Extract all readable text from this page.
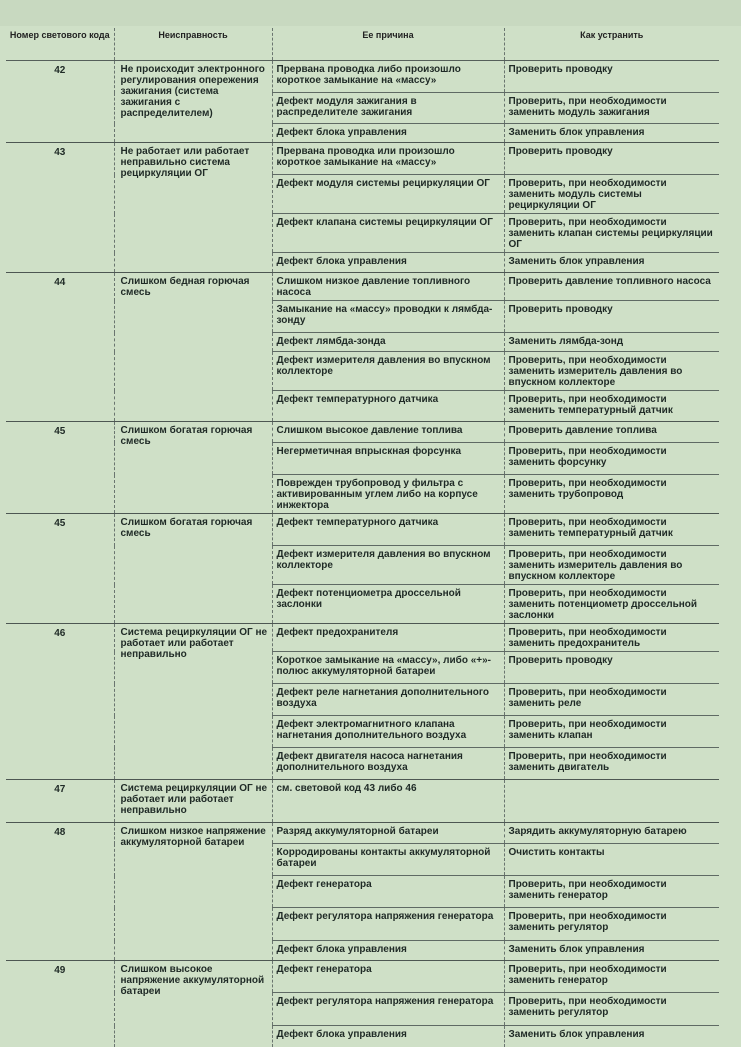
Номер светового кода	Неисправность	Ее причина	Как устранить
42	Не происходит электронного регулирования опережения зажигания (система зажигания с распределителем)	Прервана проводка либо произошло короткое замыкание на «массу»	Проверить проводку
		Дефект модуля зажигания в распределителе зажигания	Проверить, при необходимости заменить модуль зажигания
		Дефект блока управления	Заменить блок управления
43	Не работает или работает неправильно система рециркуляции ОГ	Прервана проводка или произошло короткое замыкание на «массу»	Проверить проводку
		Дефект модуля системы рециркуляции ОГ	Проверить, при необходимости заменить модуль системы рециркуляции ОГ
		Дефект клапана системы рециркуляции ОГ	Проверить, при необходимости заменить клапан системы рециркуляции ОГ
		Дефект блока управления	Заменить блок управления
44	Слишком бедная горючая смесь	Слишком низкое давление топливного насоса	Проверить давление топливного насоса
		Замыкание на «массу» проводки к лямбда-зонду	Проверить проводку
		Дефект лямбда-зонда	Заменить лямбда-зонд
		Дефект измерителя давления во впускном коллекторе	Проверить, при необходимости заменить измеритель давления во впускном коллекторе
		Дефект температурного датчика	Проверить, при необходимости заменить температурный датчик
45	Слишком богатая горючая смесь	Слишком высокое давление топлива	Проверить давление топлива
		Негерметичная впрыскная форсунка	Проверить, при необходимости заменить форсунку
		Поврежден трубопровод у фильтра с активированным углем либо на корпусе инжектора	Проверить, при необходимости заменить трубопровод
45	Слишком богатая горючая смесь	Дефект температурного датчика	Проверить, при необходимости заменить температурный датчик
		Дефект измерителя давления во впускном коллекторе	Проверить, при необходимости заменить измеритель давления во впускном коллекторе
		Дефект потенциометра дроссельной заслонки	Проверить, при необходимости заменить потенциометр дроссельной заслонки
46	Система рециркуляции ОГ не работает или работает неправильно	Дефект предохранителя	Проверить, при необходимости заменить предохранитель
		Короткое замыкание на «массу», либо «+»-полюс аккумуляторной батареи	Проверить проводку
		Дефект реле нагнетания дополнительного воздуха	Проверить, при необходимости заменить реле
		Дефект электромагнитного клапана нагнетания дополнительного воздуха	Проверить, при необходимости заменить клапан
		Дефект двигателя насоса нагнетания дополнительного воздуха	Проверить, при необходимости заменить двигатель
47	Система рециркуляции ОГ не работает или работает неправильно	см. световой код 43 либо 46	
48	Слишком низкое напряжение аккумуляторной батареи	Разряд аккумуляторной батареи	Зарядить аккумуляторную батарею
		Корродированы контакты аккумуляторной батареи	Очистить контакты
		Дефект генератора	Проверить, при необходимости заменить генератор
		Дефект регулятора напряжения генератора	Проверить, при необходимости заменить регулятор
		Дефект блока управления	Заменить блок управления
49	Слишком высокое напряжение аккумуляторной батареи	Дефект генератора	Проверить, при необходимости заменить генератор
		Дефект регулятора напряжения генератора	Проверить, при необходимости заменить регулятор
		Дефект блока управления	Заменить блок управления
